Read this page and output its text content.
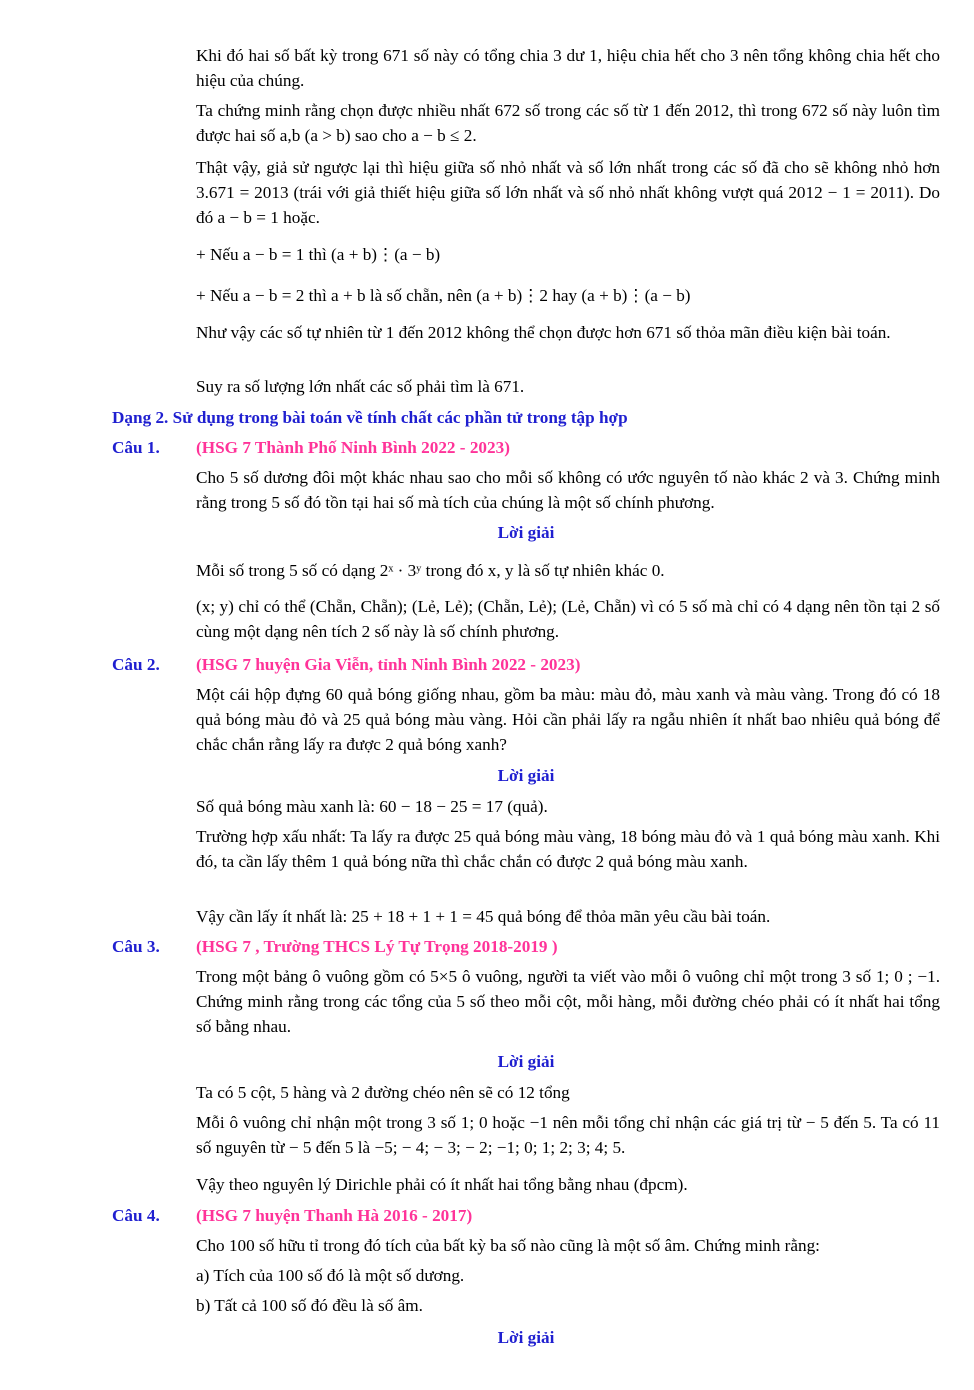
Khi đó hai số bất kỳ trong 671 số này có tổng chia 3 dư 1, hiệu chia hết cho 3 nên tổng không chia hết cho hiệu của chúng.
Ta chứng minh rằng chọn được nhiều nhất 672 số trong các số từ 1 đến 2012, thì trong 672 số này luôn tìm được hai số a,b (a > b) sao cho a − b ≤ 2.
Thật vậy, giả sử ngược lại thì hiệu giữa số nhỏ nhất và số lớn nhất trong các số đã cho sẽ không nhỏ hơn 3.671 = 2013 (trái với giả thiết hiệu giữa số lớn nhất và số nhỏ nhất không vượt quá 2012 − 1 = 2011). Do đó a − b = 1 hoặc.
+ Nếu a − b = 1 thì (a + b)⋮(a − b)
+ Nếu a − b = 2 thì a + b là số chẵn, nên (a + b)⋮2 hay (a + b)⋮(a − b)
Như vậy các số tự nhiên từ 1 đến 2012 không thể chọn được hơn 671 số thỏa mãn điều kiện bài toán.
Suy ra số lượng lớn nhất các số phải tìm là 671.
Dạng 2. Sử dụng trong bài toán về tính chất các phần tử trong tập hợp
Câu 1. (HSG 7 Thành Phố Ninh Bình 2022 - 2023)
Cho 5 số dương đôi một khác nhau sao cho mỗi số không có ước nguyên tố nào khác 2 và 3. Chứng minh rằng trong 5 số đó tồn tại hai số mà tích của chúng là một số chính phương.
Lời giải
Mỗi số trong 5 số có dạng 2ˣ · 3ʸ trong đó x, y là số tự nhiên khác 0.
(x; y) chỉ có thể (Chẵn, Chẵn); (Lẻ, Lẻ); (Chẵn, Lẻ); (Lẻ, Chẵn) vì có 5 số mà chỉ có 4 dạng nên tồn tại 2 số cùng một dạng nên tích 2 số này là số chính phương.
Câu 2. (HSG 7 huyện Gia Viễn, tỉnh Ninh Bình 2022 - 2023)
Một cái hộp đựng 60 quả bóng giống nhau, gồm ba màu: màu đỏ, màu xanh và màu vàng. Trong đó có 18 quả bóng màu đỏ và 25 quả bóng màu vàng. Hỏi cần phải lấy ra ngẫu nhiên ít nhất bao nhiêu quả bóng để chắc chắn rằng lấy ra được 2 quả bóng xanh?
Lời giải
Số quả bóng màu xanh là: 60 − 18 − 25 = 17 (quả).
Trường hợp xấu nhất: Ta lấy ra được 25 quả bóng màu vàng, 18 bóng màu đỏ và 1 quả bóng màu xanh. Khi đó, ta cần lấy thêm 1 quả bóng nữa thì chắc chắn có được 2 quả bóng màu xanh.
Vậy cần lấy ít nhất là: 25 + 18 + 1 + 1 = 45 quả bóng để thỏa mãn yêu cầu bài toán.
Câu 3. (HSG 7 , Trường THCS Lý Tự Trọng 2018-2019 )
Trong một bảng ô vuông gồm có 5×5 ô vuông, người ta viết vào mỗi ô vuông chỉ một trong 3 số 1; 0 ; −1. Chứng minh rằng trong các tổng của 5 số theo mỗi cột, mỗi hàng, mỗi đường chéo phải có ít nhất hai tổng số bằng nhau.
Lời giải
Ta có 5 cột, 5 hàng và 2 đường chéo nên sẽ có 12 tổng
Mỗi ô vuông chỉ nhận một trong 3 số 1; 0 hoặc −1 nên mỗi tổng chỉ nhận các giá trị từ − 5 đến 5. Ta có 11 số nguyên từ − 5 đến 5 là −5; − 4; − 3; − 2; −1; 0; 1; 2; 3; 4; 5.
Vậy theo nguyên lý Dirichle phải có ít nhất hai tổng bằng nhau (đpcm).
Câu 4. (HSG 7 huyện Thanh Hà 2016 - 2017)
Cho 100 số hữu tỉ trong đó tích của bất kỳ ba số nào cũng là một số âm. Chứng minh rằng:
a) Tích của 100 số đó là một số dương.
b) Tất cả 100 số đó đều là số âm.
Lời giải
